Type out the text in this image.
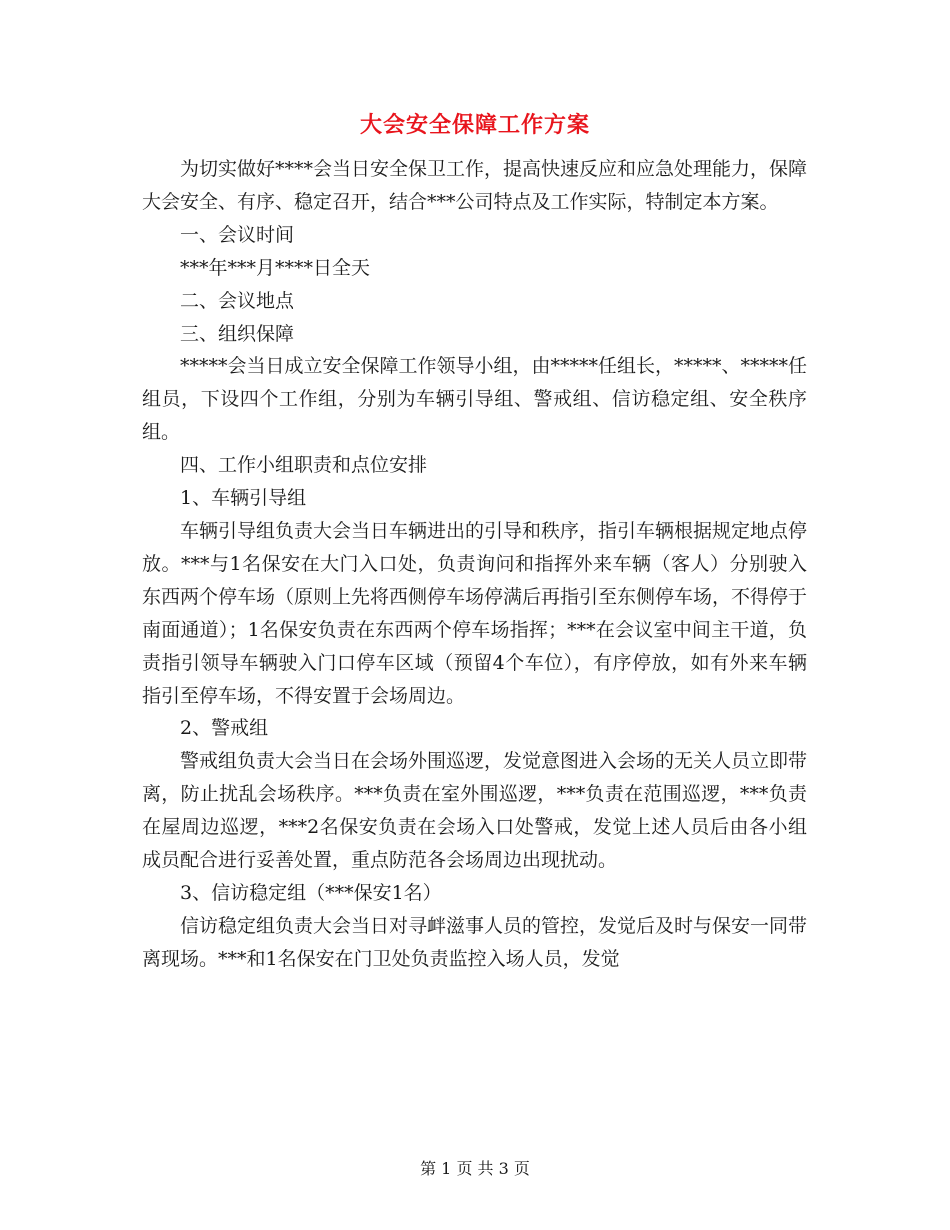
大会安全保障工作方案

为切实做好****会当日安全保卫工作，提高快速反应和应急处理能力，保障大会安全、有序、稳定召开，结合***公司特点及工作实际，特制定本方案。

一、会议时间

***年***月****日全天

二、会议地点

三、组织保障

*****会当日成立安全保障工作领导小组，由*****任组长，*****、*****任组员，下设四个工作组，分别为车辆引导组、警戒组、信访稳定组、安全秩序组。

四、工作小组职责和点位安排

1、车辆引导组

车辆引导组负责大会当日车辆进出的引导和秩序，指引车辆根据规定地点停放。***与1名保安在大门入口处，负责询问和指挥外来车辆（客人）分别驶入东西两个停车场（原则上先将西侧停车场停满后再指引至东侧停车场，不得停于南面通道）；1名保安负责在东西两个停车场指挥；***在会议室中间主干道，负责指引领导车辆驶入门口停车区域（预留4个车位），有序停放，如有外来车辆指引至停车场，不得安置于会场周边。

2、警戒组

警戒组负责大会当日在会场外围巡逻，发觉意图进入会场的无关人员立即带离，防止扰乱会场秩序。***负责在室外围巡逻，***负责在范围巡逻，***负责在屋周边巡逻，***2名保安负责在会场入口处警戒，发觉上述人员后由各小组成员配合进行妥善处置，重点防范各会场周边出现扰动。

3、信访稳定组（***保安1名）

信访稳定组负责大会当日对寻衅滋事人员的管控，发觉后及时与保安一同带离现场。***和1名保安在门卫处负责监控入场人员，发觉

第 1 页 共 3 页
